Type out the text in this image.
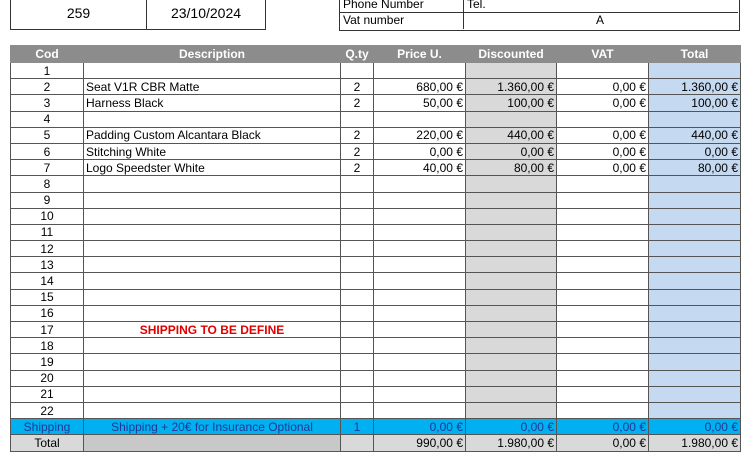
259	23/10/2024
Phone Number	Tel.
Vat number	A
Cod	Description	Q.ty	Price U.	Discounted	VAT	Total
1						
2	Seat V1R CBR Matte	2	680,00 €	1.360,00 €	0,00 €	1.360,00 €
3	Harness Black	2	50,00 €	100,00 €	0,00 €	100,00 €
4						
5	Padding Custom Alcantara Black	2	220,00 €	440,00 €	0,00 €	440,00 €
6	Stitching White	2	0,00 €	0,00 €	0,00 €	0,00 €
7	Logo Speedster White	2	40,00 €	80,00 €	0,00 €	80,00 €
8						
9						
10						
11						
12						
13						
14						
15						
16						
17	SHIPPING TO BE DEFINE					
18						
19						
20						
21						
22						
Shipping	Shipping + 20€ for Insurance Optional	1	0,00 €	0,00 €	0,00 €	0,00 €
Total			990,00 €	1.980,00 €	0,00 €	1.980,00 €
